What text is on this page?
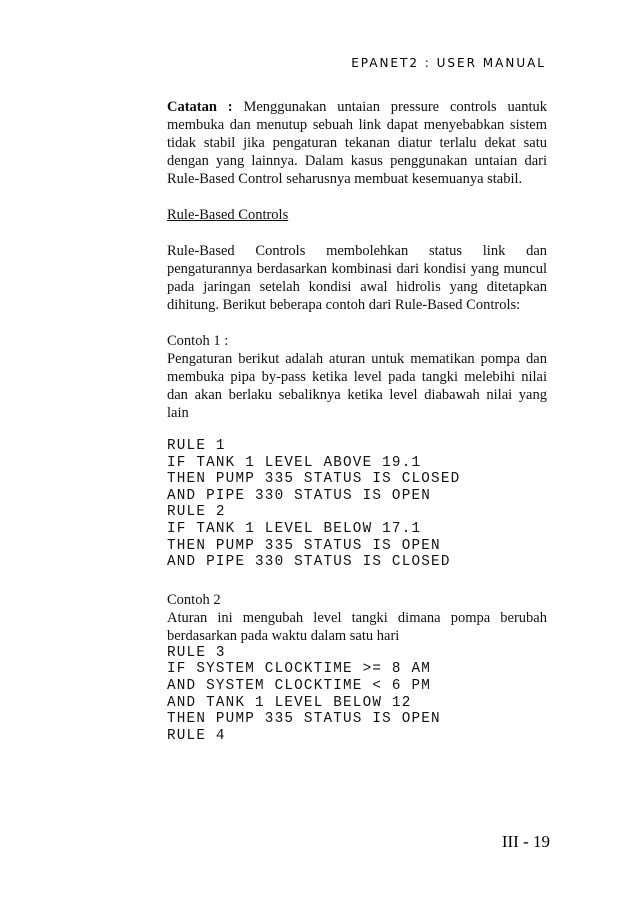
EPANET2 : USER MANUAL

Catatan : Menggunakan untaian pressure controls uantuk membuka dan menutup sebuah link dapat menyebabkan sistem tidak stabil jika pengaturan tekanan diatur terlalu dekat satu dengan yang lainnya. Dalam kasus penggunakan untaian dari Rule-Based Control seharusnya membuat kesemuanya stabil.

Rule-Based Controls

Rule-Based Controls membolehkan status link dan pengaturannya berdasarkan kombinasi dari kondisi yang muncul pada jaringan setelah kondisi awal hidrolis yang ditetapkan dihitung. Berikut beberapa contoh dari Rule-Based Controls:

Contoh 1 :

Pengaturan berikut adalah aturan untuk mematikan pompa dan membuka pipa by-pass ketika level pada tangki melebihi nilai dan akan berlaku sebaliknya ketika level diabawah nilai yang lain

RULE 1
IF TANK 1 LEVEL ABOVE 19.1
THEN PUMP 335 STATUS IS CLOSED
AND PIPE 330 STATUS IS OPEN
RULE 2
IF TANK 1 LEVEL BELOW 17.1
THEN PUMP 335 STATUS IS OPEN
AND PIPE 330 STATUS IS CLOSED

Contoh 2

Aturan ini mengubah level tangki dimana pompa berubah berdasarkan pada waktu dalam satu hari

RULE 3
IF SYSTEM CLOCKTIME >= 8 AM
AND SYSTEM CLOCKTIME < 6 PM
AND TANK 1 LEVEL BELOW 12
THEN PUMP 335 STATUS IS OPEN
RULE 4
III - 19
